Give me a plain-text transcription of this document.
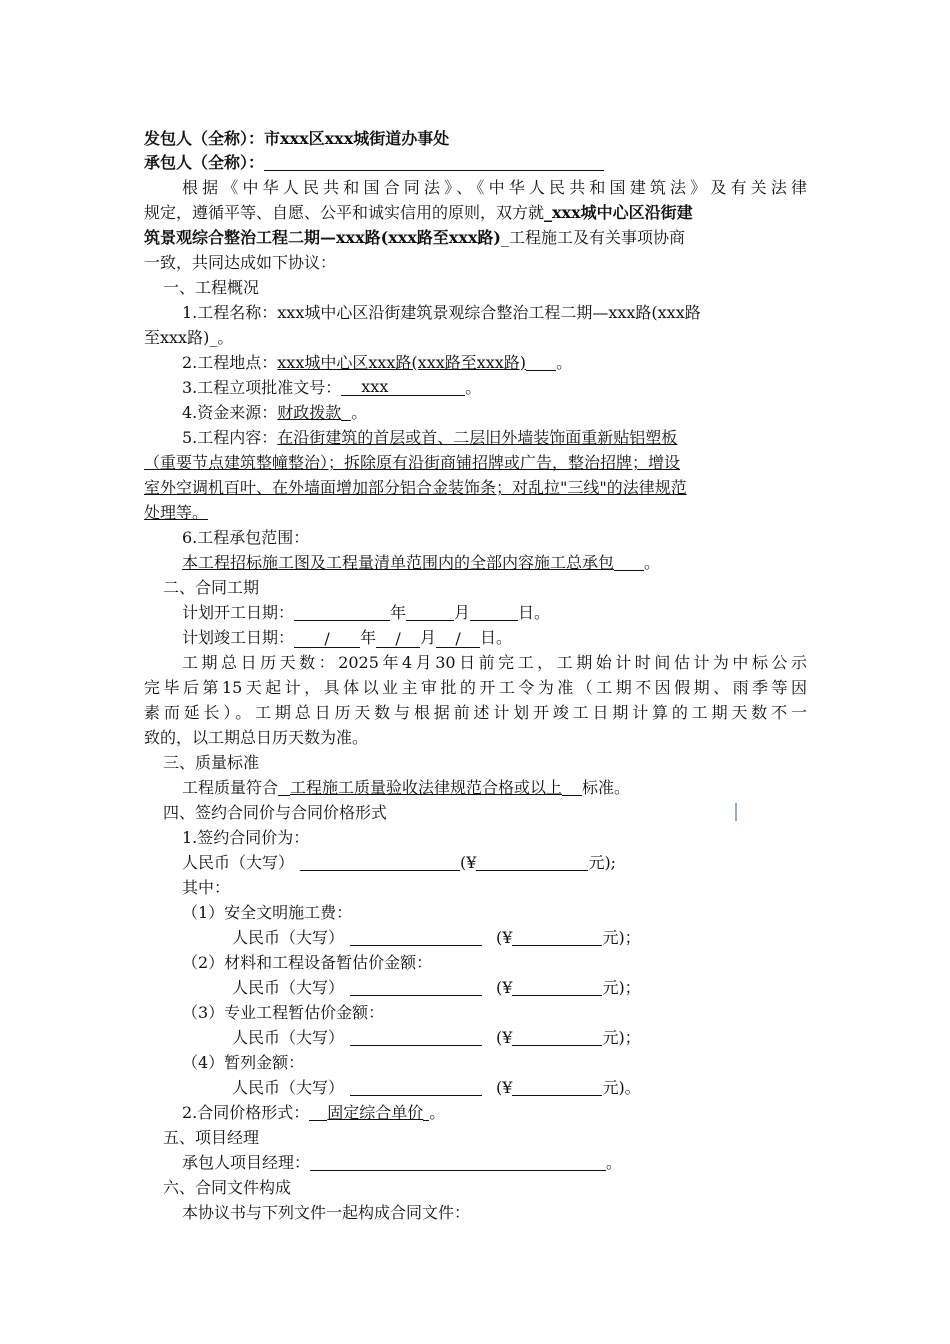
发包人（全称）：市xxx区xxx城街道办事处
承包人（全称）：
根据《中华人民共和国合同法》、《中华人民共和国建筑法》及有关法律
规定，遵循平等、自愿、公平和诚实信用的原则，双方就_xxx城中心区沿街建
筑景观综合整治工程二期—xxx路(xxx路至xxx路)_工程施工及有关事项协商
一致，共同达成如下协议：
一、工程概况
1.工程名称：xxx城中心区沿街建筑景观综合整治工程二期—xxx路(xxx路
至xxx路)_。
2.工程地点：xxx城中心区xxx路(xxx路至xxx路) 。
3.工程立项批准文号： xxx	。
4.资金来源：财政拨款 。
5.工程内容：在沿街建筑的首层或首、二层旧外墙装饰面重新贴铝塑板
（重要节点建筑整幢整治）；拆除原有沿街商铺招牌或广告，整治招牌；增设
室外空调机百叶、在外墙面增加部分铝合金装饰条；对乱拉"三线"的法律规范
处理等。
6.工程承包范围：
本工程招标施工图及工程量清单范围内的全部内容施工总承包 。
二、合同工期
计划开工日期：	年	月	日。
计划竣工日期： / 年 / 月 / 日。
工期总日历天数：2025年4月30日前完工，工期始计时间估计为中标公示
完毕后第15天起计，具体以业主审批的开工令为准（工期不因假期、雨季等因
素而延长）。工期总日历天数与根据前述计划开竣工日期计算的工期天数不一
致的，以工期总日历天数为准。
三、质量标准
工程质量符合 工程施工质量验收法律规范合格或以上 标准。
四、签约合同价与合同价格形式
1.签约合同价为：
人民币（大写）	(¥	元);
其中：
（1）安全文明施工费：
人民币（大写）	(¥	元)；
（2）材料和工程设备暂估价金额：
人民币（大写）	(¥	元)；
（3）专业工程暂估价金额：
人民币（大写）	(¥	元)；
（4）暂列金额：
人民币（大写）	(¥	元)。
2.合同价格形式： 固定综合单价 。
五、项目经理
承包人项目经理：	。
六、合同文件构成
本协议书与下列文件一起构成合同文件：
